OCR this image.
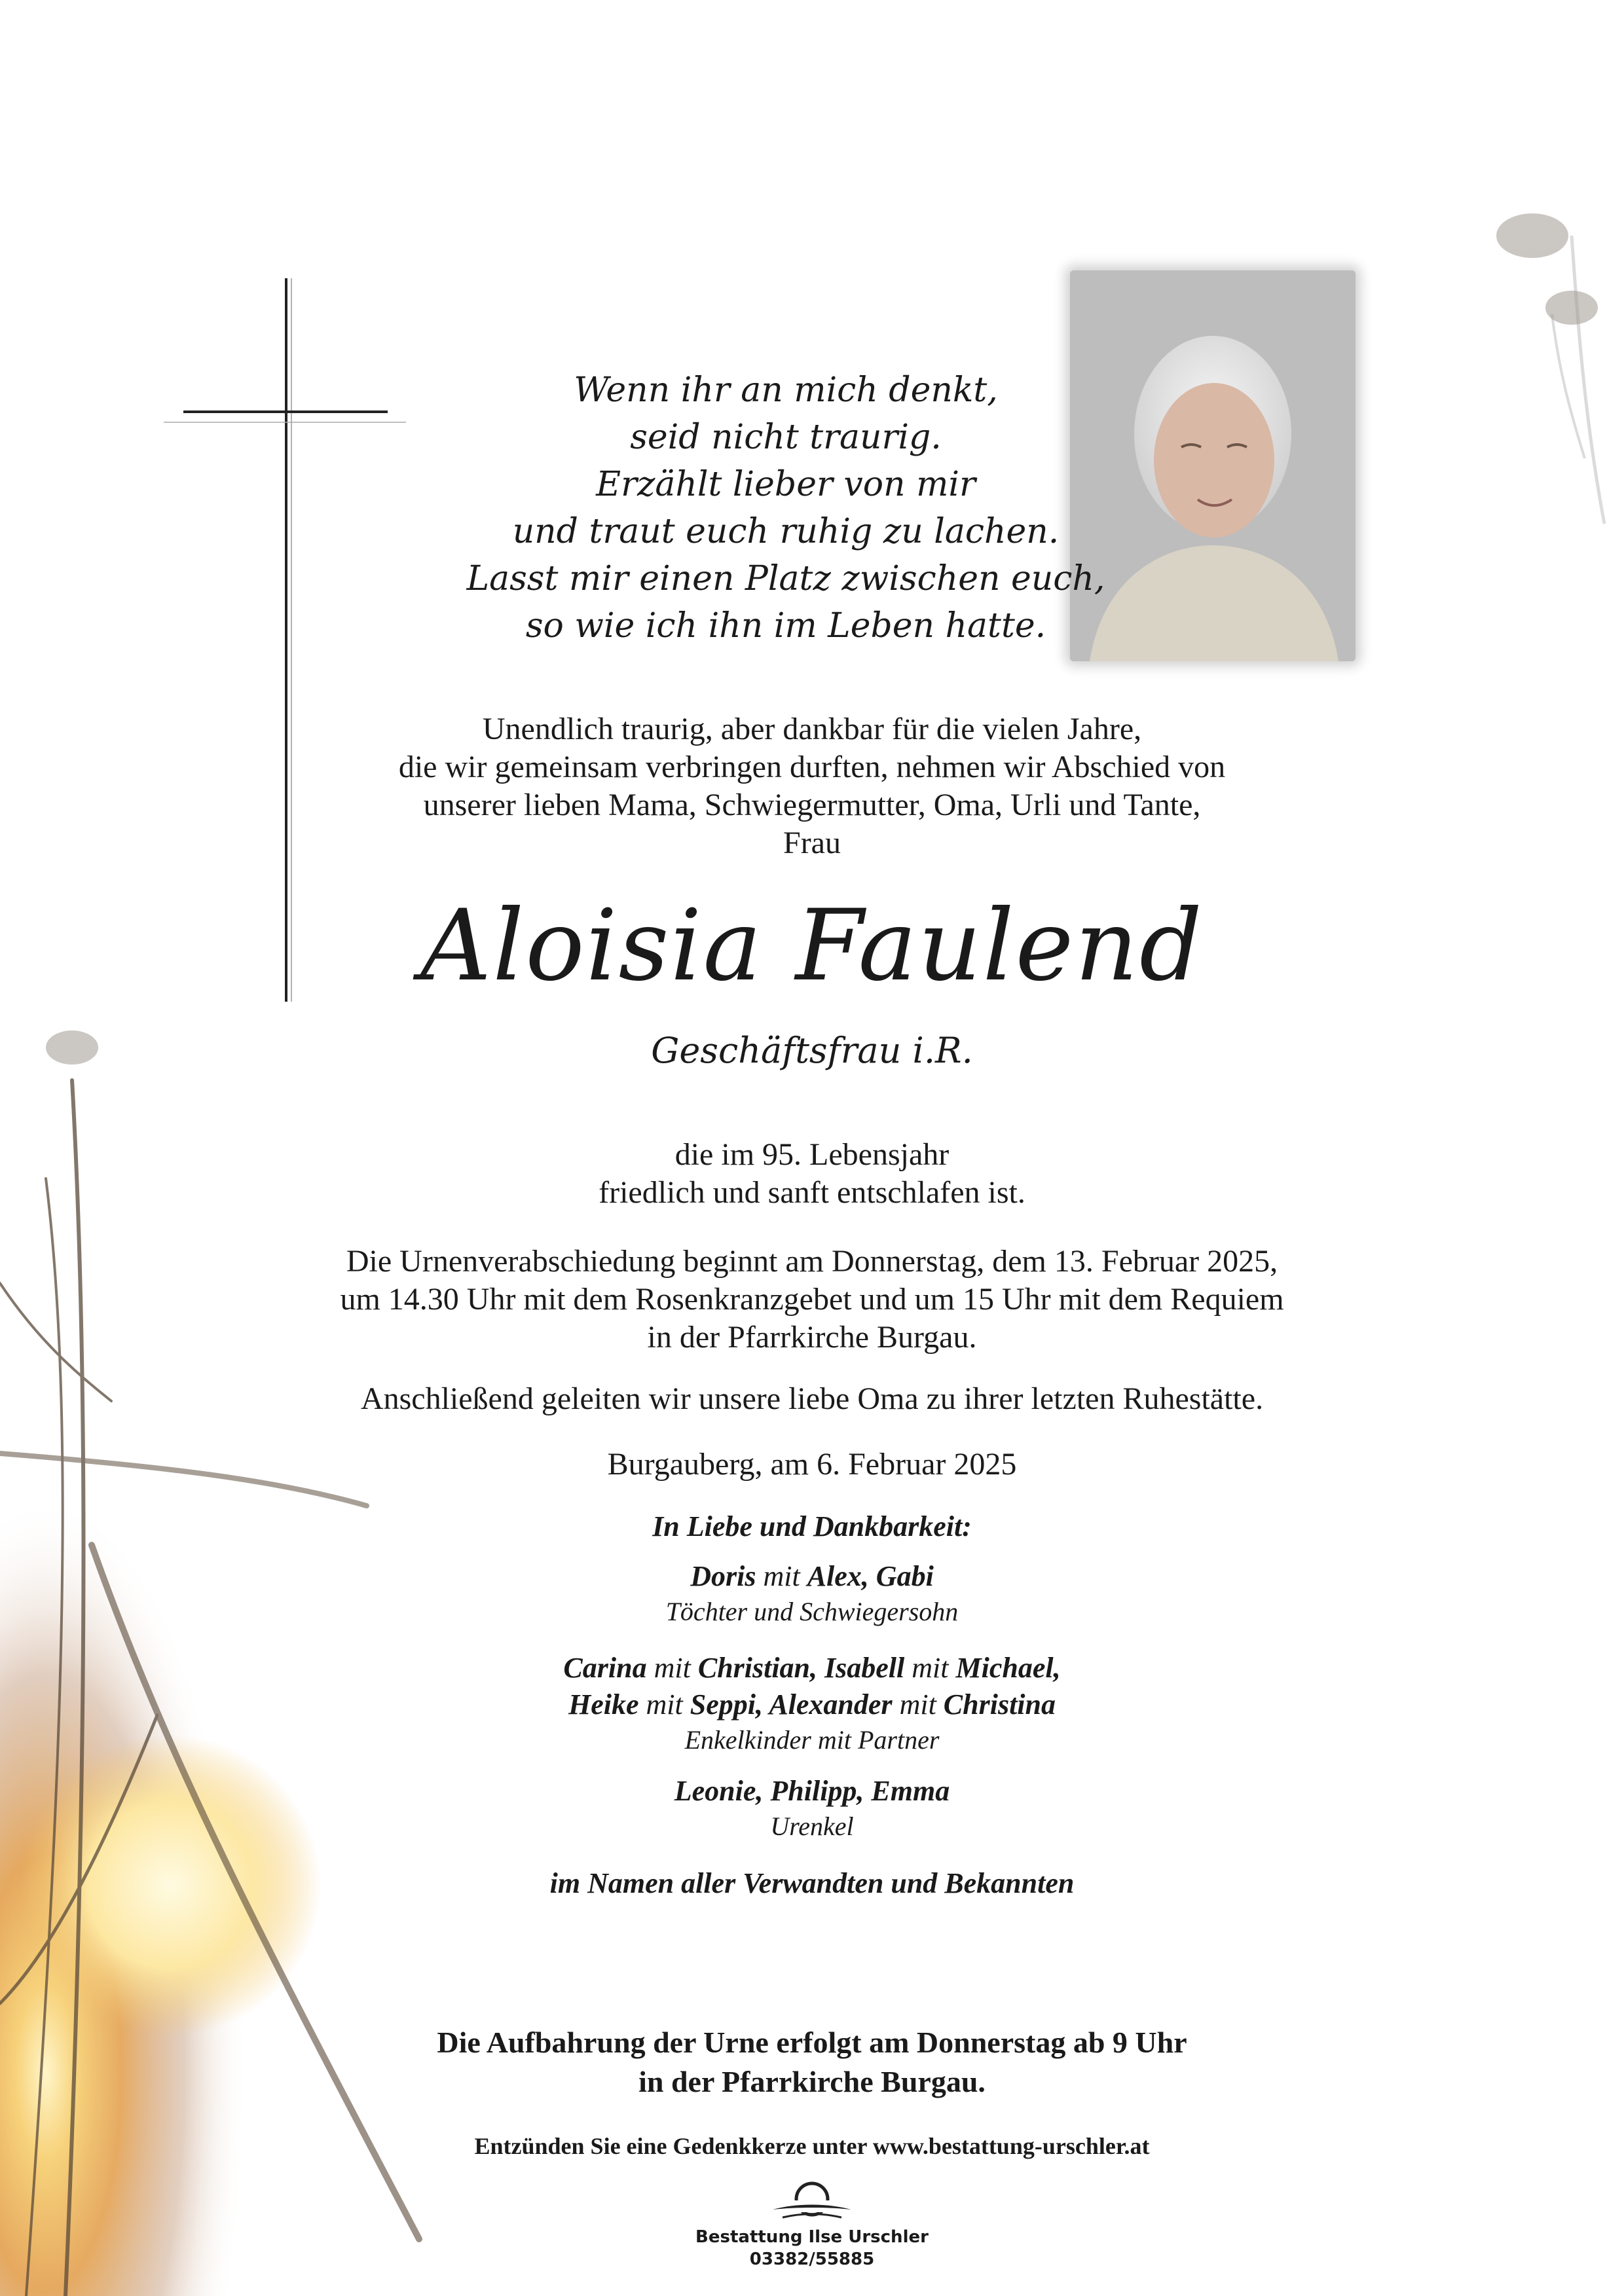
Wenn ihr an mich denkt,
seid nicht traurig.
Erzählt lieber von mir
und traut euch ruhig zu lachen.
Lasst mir einen Platz zwischen euch,
so wie ich ihn im Leben hatte.
Unendlich traurig, aber dankbar für die vielen Jahre,
die wir gemeinsam verbringen durften, nehmen wir Abschied von
unserer lieben Mama, Schwiegermutter, Oma, Urli und Tante,
Frau
Aloisia Faulend
Geschäftsfrau i.R.
die im 95. Lebensjahr
friedlich und sanft entschlafen ist.
Die Urnenverabschiedung beginnt am Donnerstag, dem 13. Februar 2025,
um 14.30 Uhr mit dem Rosenkranzgebet und um 15 Uhr mit dem Requiem
in der Pfarrkirche Burgau.
Anschließend geleiten wir unsere liebe Oma zu ihrer letzten Ruhestätte.
Burgauberg, am 6. Februar 2025
In Liebe und Dankbarkeit:
Doris mit Alex, Gabi
Töchter und Schwiegersohn
Carina mit Christian, Isabell mit Michael,
Heike mit Seppi, Alexander mit Christina
Enkelkinder mit Partner
Leonie, Philipp, Emma
Urenkel
im Namen aller Verwandten und Bekannten
Die Aufbahrung der Urne erfolgt am Donnerstag ab 9 Uhr
in der Pfarrkirche Burgau.
Entzünden Sie eine Gedenkkerze unter www.bestattung-urschler.at
Bestattung Ilse Urschler
03382/55885
